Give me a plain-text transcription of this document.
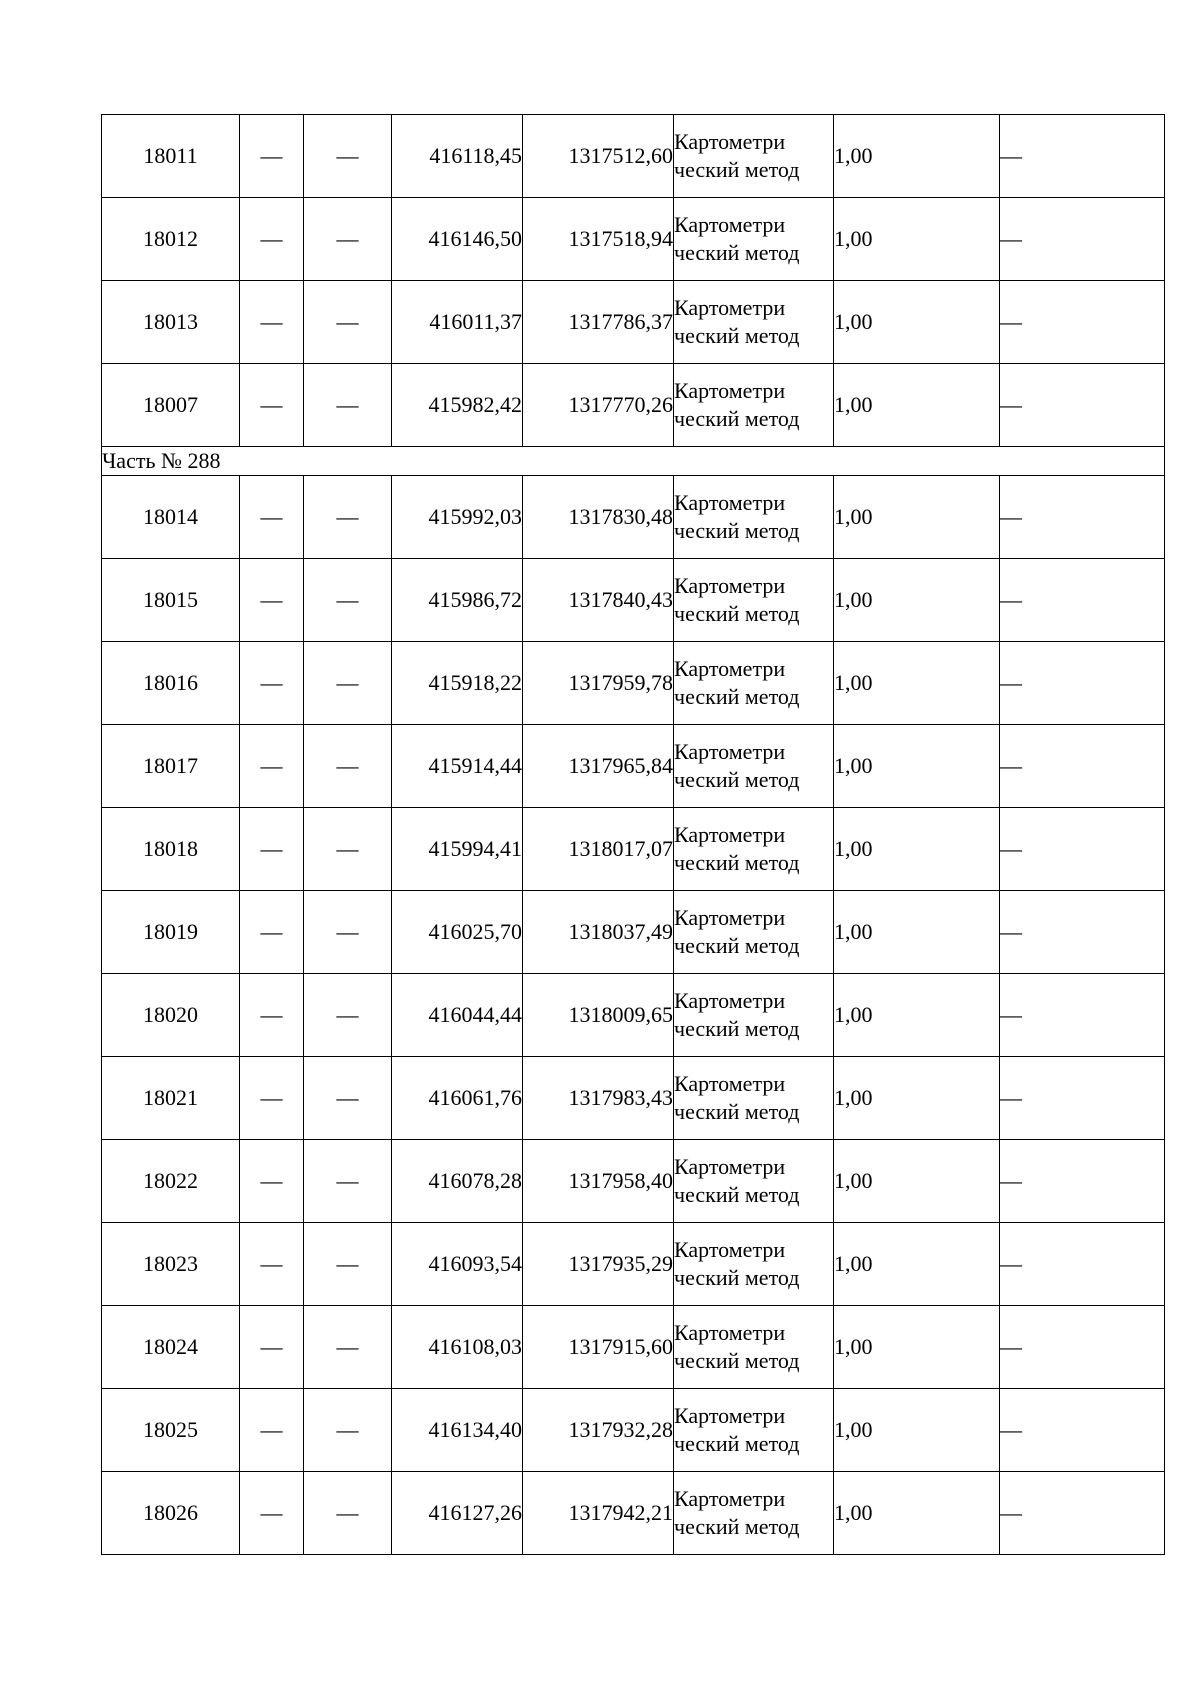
18011	—	—	416118,45	1317512,60	Картометри ческий метод	1,00	—
18012	—	—	416146,50	1317518,94	Картометри ческий метод	1,00	—
18013	—	—	416011,37	1317786,37	Картометри ческий метод	1,00	—
18007	—	—	415982,42	1317770,26	Картометри ческий метод	1,00	—
Часть № 288							
18014	—	—	415992,03	1317830,48	Картометри ческий метод	1,00	—
18015	—	—	415986,72	1317840,43	Картометри ческий метод	1,00	—
18016	—	—	415918,22	1317959,78	Картометри ческий метод	1,00	—
18017	—	—	415914,44	1317965,84	Картометри ческий метод	1,00	—
18018	—	—	415994,41	1318017,07	Картометри ческий метод	1,00	—
18019	—	—	416025,70	1318037,49	Картометри ческий метод	1,00	—
18020	—	—	416044,44	1318009,65	Картометри ческий метод	1,00	—
18021	—	—	416061,76	1317983,43	Картометри ческий метод	1,00	—
18022	—	—	416078,28	1317958,40	Картометри ческий метод	1,00	—
18023	—	—	416093,54	1317935,29	Картометри ческий метод	1,00	—
18024	—	—	416108,03	1317915,60	Картометри ческий метод	1,00	—
18025	—	—	416134,40	1317932,28	Картометри ческий метод	1,00	—
18026	—	—	416127,26	1317942,21	Картометри ческий метод	1,00	—
